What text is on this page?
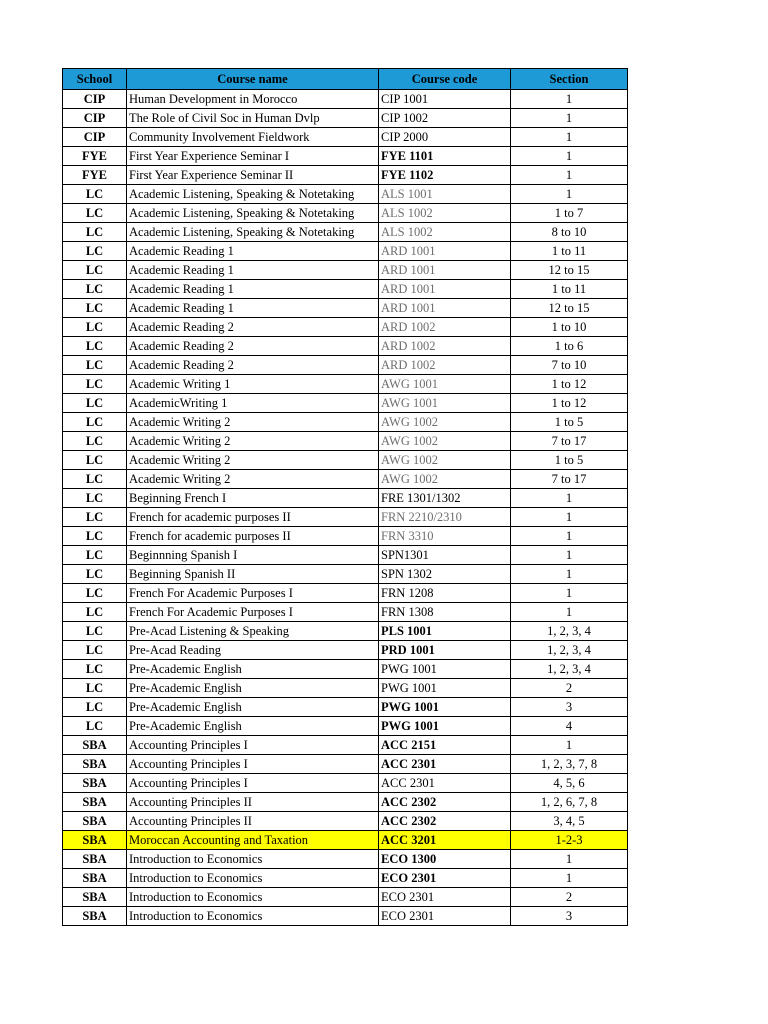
School	Course name	Course code	Section
CIP	Human Development in Morocco	CIP 1001	1
CIP	The Role of Civil Soc in Human Dvlp	CIP 1002	1
CIP	Community Involvement Fieldwork	CIP 2000	1
FYE	First Year Experience Seminar I	FYE 1101	1
FYE	First Year Experience Seminar II	FYE 1102	1
LC	Academic Listening, Speaking & Notetaking	ALS 1001	1
LC	Academic Listening, Speaking & Notetaking	ALS 1002	1 to 7
LC	Academic Listening, Speaking & Notetaking	ALS 1002	8 to 10
LC	Academic Reading 1	ARD 1001	1 to 11
LC	Academic Reading 1	ARD 1001	12 to 15
LC	Academic Reading 1	ARD 1001	1 to 11
LC	Academic Reading 1	ARD 1001	12 to 15
LC	Academic Reading 2	ARD 1002	1 to 10
LC	Academic Reading 2	ARD 1002	1 to 6
LC	Academic Reading 2	ARD 1002	7 to 10
LC	Academic Writing 1	AWG 1001	1 to 12
LC	AcademicWriting 1	AWG 1001	1 to 12
LC	Academic Writing 2	AWG 1002	1 to 5
LC	Academic Writing 2	AWG 1002	7 to 17
LC	Academic Writing 2	AWG 1002	1 to 5
LC	Academic Writing 2	AWG 1002	7 to 17
LC	Beginning French I	FRE 1301/1302	1
LC	French for academic purposes II	FRN 2210/2310	1
LC	French for academic purposes II	FRN 3310	1
LC	Beginnning Spanish I	SPN1301	1
LC	Beginning Spanish II	SPN 1302	1
LC	French For Academic Purposes I	FRN 1208	1
LC	French For Academic Purposes I	FRN 1308	1
LC	Pre-Acad Listening & Speaking	PLS 1001	1, 2, 3, 4
LC	Pre-Acad Reading	PRD 1001	1, 2, 3, 4
LC	Pre-Academic English	PWG 1001	1, 2, 3, 4
LC	Pre-Academic English	PWG 1001	2
LC	Pre-Academic English	PWG 1001	3
LC	Pre-Academic English	PWG 1001	4
SBA	Accounting Principles I	ACC 2151	1
SBA	Accounting Principles I	ACC 2301	1, 2, 3, 7, 8
SBA	Accounting Principles I	ACC 2301	4, 5, 6
SBA	Accounting Principles II	ACC 2302	1, 2, 6, 7, 8
SBA	Accounting Principles II	ACC 2302	3, 4, 5
SBA	Moroccan Accounting and Taxation	ACC 3201	1-2-3
SBA	Introduction to Economics	ECO 1300	1
SBA	Introduction to Economics	ECO 2301	1
SBA	Introduction to Economics	ECO 2301	2
SBA	Introduction to Economics	ECO 2301	3
